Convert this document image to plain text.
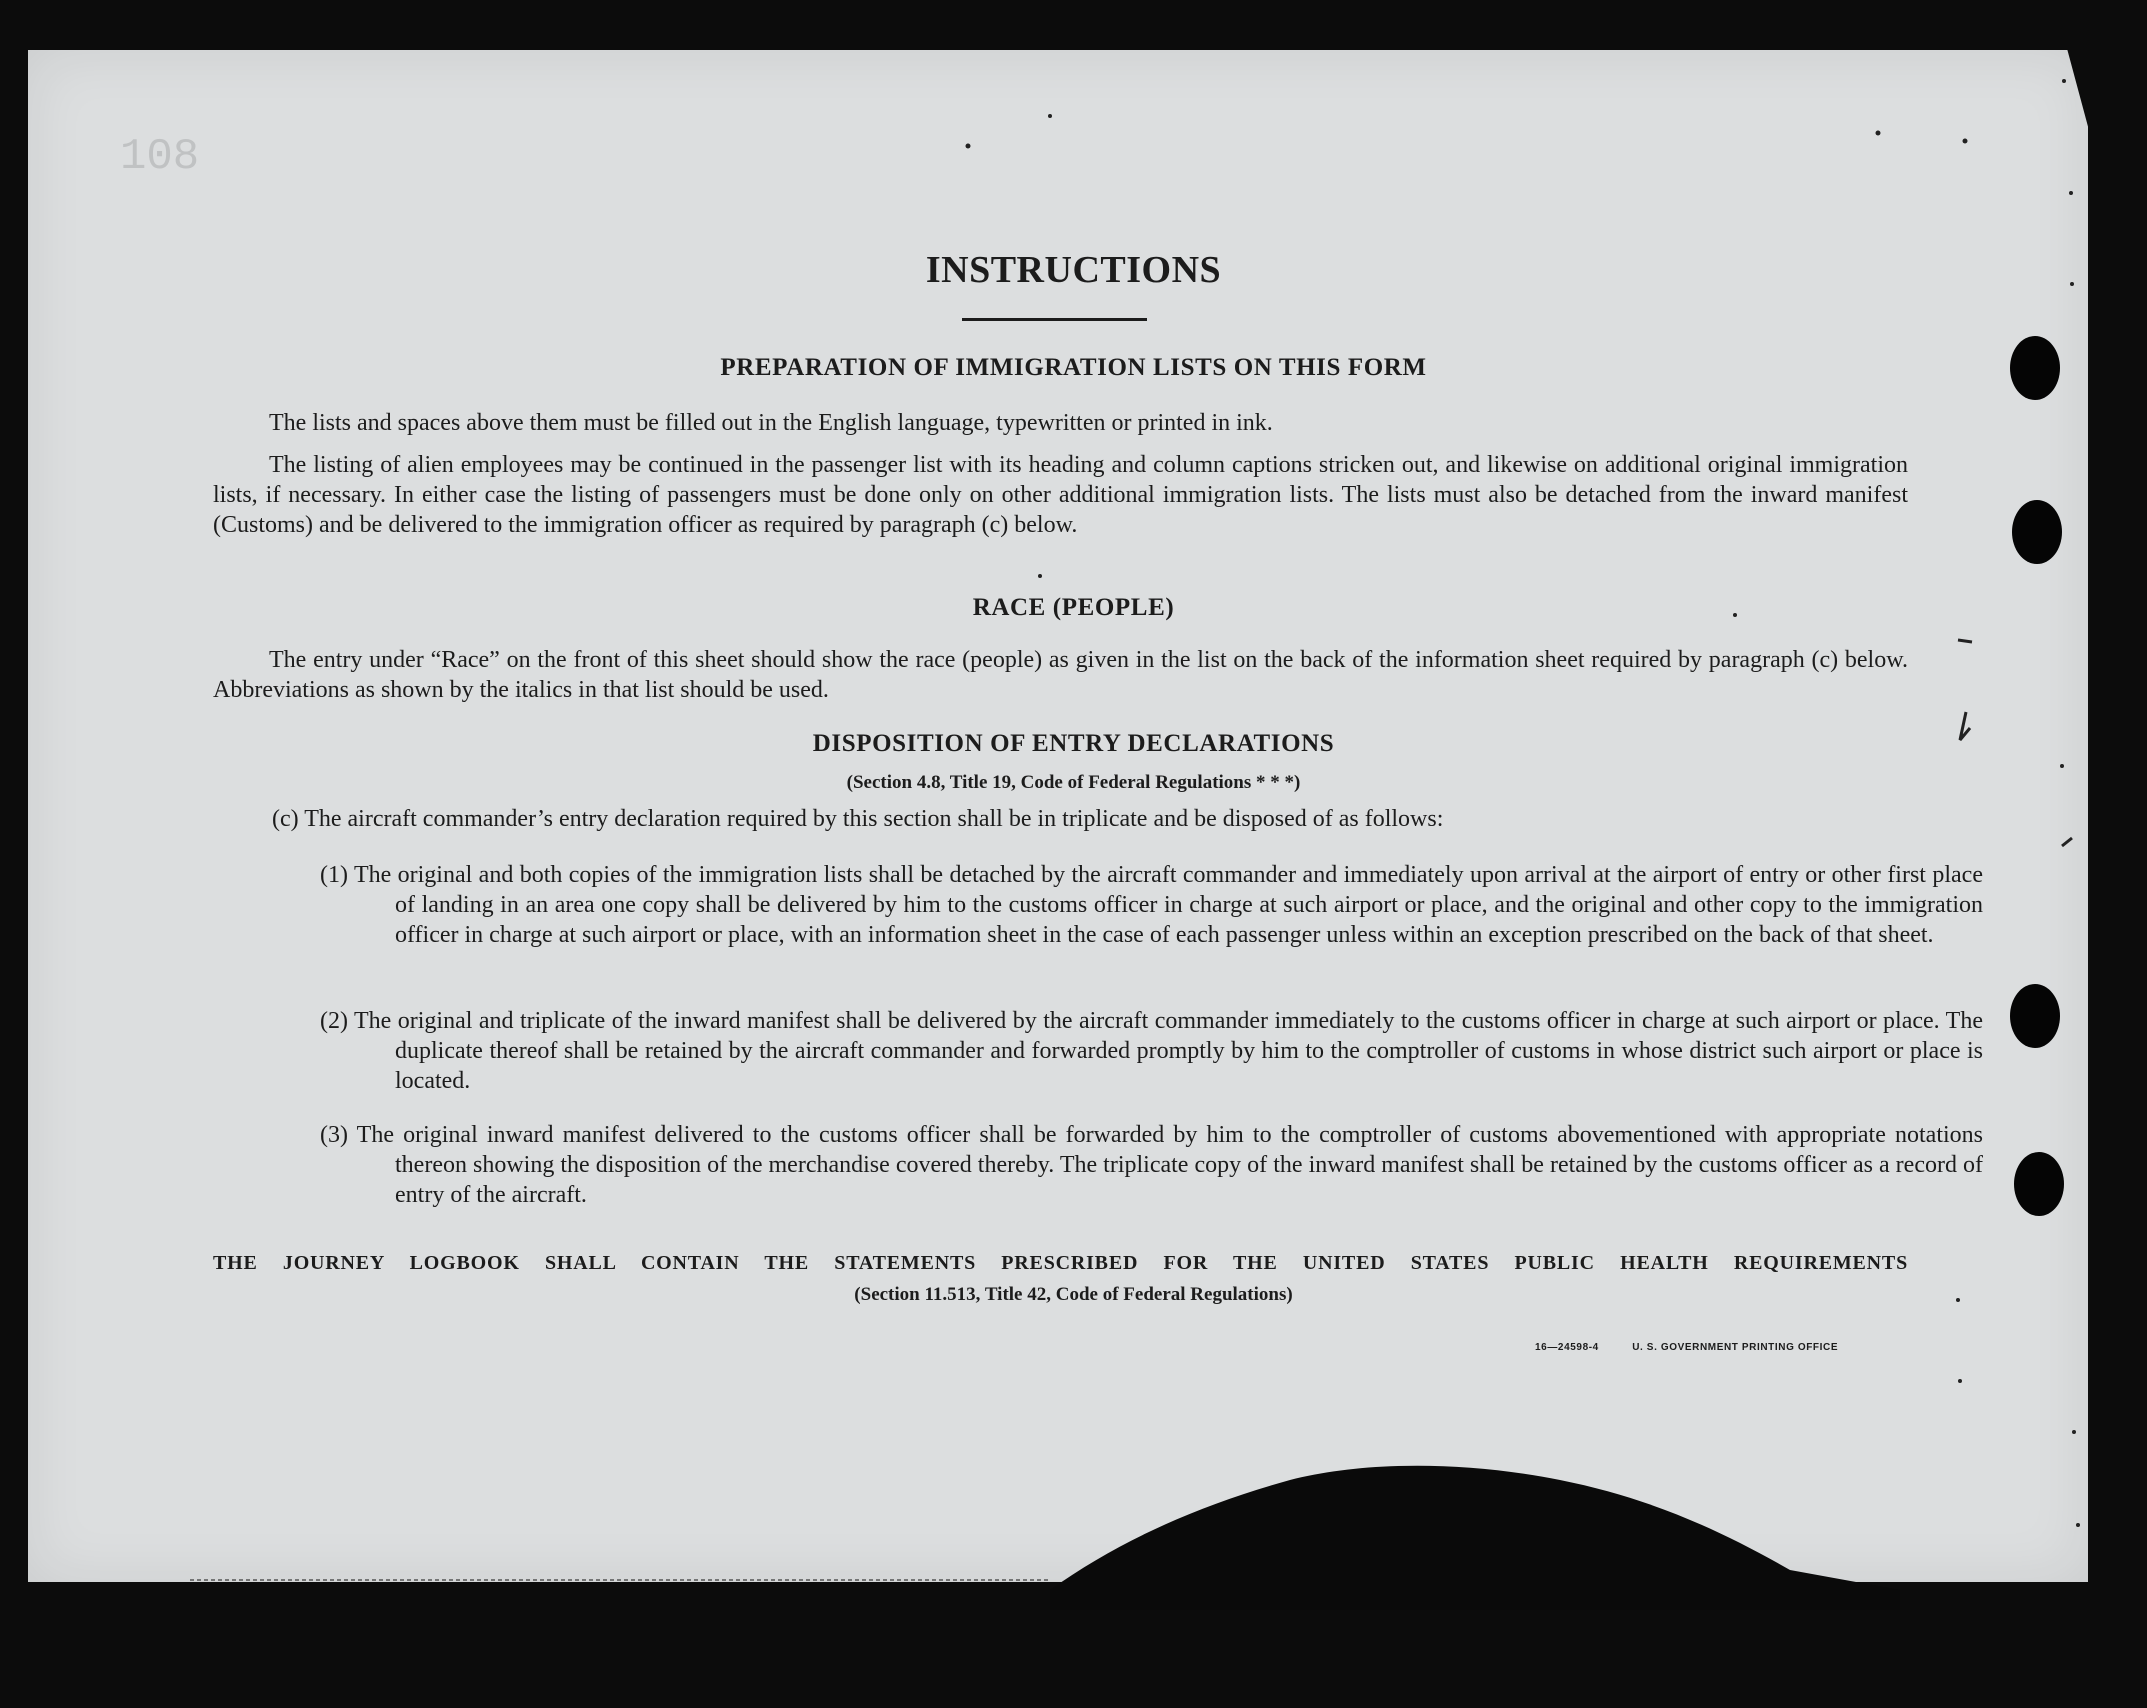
108
INSTRUCTIONS
PREPARATION OF IMMIGRATION LISTS ON THIS FORM
The lists and spaces above them must be filled out in the English language, typewritten or printed in ink.
The listing of alien employees may be continued in the passenger list with its heading and column captions stricken out, and likewise on additional original immigration lists, if necessary. In either case the listing of passengers must be done only on other additional immigration lists. The lists must also be detached from the inward manifest (Customs) and be delivered to the immigration officer as required by paragraph (c) below.
RACE (PEOPLE)
The entry under “Race” on the front of this sheet should show the race (people) as given in the list on the back of the information sheet required by paragraph (c) below. Abbreviations as shown by the italics in that list should be used.
DISPOSITION OF ENTRY DECLARATIONS
(Section 4.8, Title 19, Code of Federal Regulations * * *)
(c) The aircraft commander’s entry declaration required by this section shall be in triplicate and be disposed of as follows:
(1) The original and both copies of the immigration lists shall be detached by the aircraft commander and immediately upon arrival at the airport of entry or other first place of landing in an area one copy shall be delivered by him to the customs officer in charge at such airport or place, and the original and other copy to the immigration officer in charge at such airport or place, with an information sheet in the case of each passenger unless within an exception prescribed on the back of that sheet.
(2) The original and triplicate of the inward manifest shall be delivered by the aircraft commander immediately to the customs officer in charge at such airport or place. The duplicate thereof shall be retained by the aircraft commander and forwarded promptly by him to the comptroller of customs in whose district such airport or place is located.
(3) The original inward manifest delivered to the customs officer shall be forwarded by him to the comptroller of customs abovementioned with appropriate notations thereon showing the disposition of the merchandise covered thereby. The triplicate copy of the inward manifest shall be retained by the customs officer as a record of entry of the aircraft.
THE JOURNEY LOGBOOK SHALL CONTAIN THE STATEMENTS PRESCRIBED FOR THE UNITED STATES PUBLIC HEALTH REQUIREMENTS
(Section 11.513, Title 42, Code of Federal Regulations)
16—24598-4	U. S. GOVERNMENT PRINTING OFFICE
